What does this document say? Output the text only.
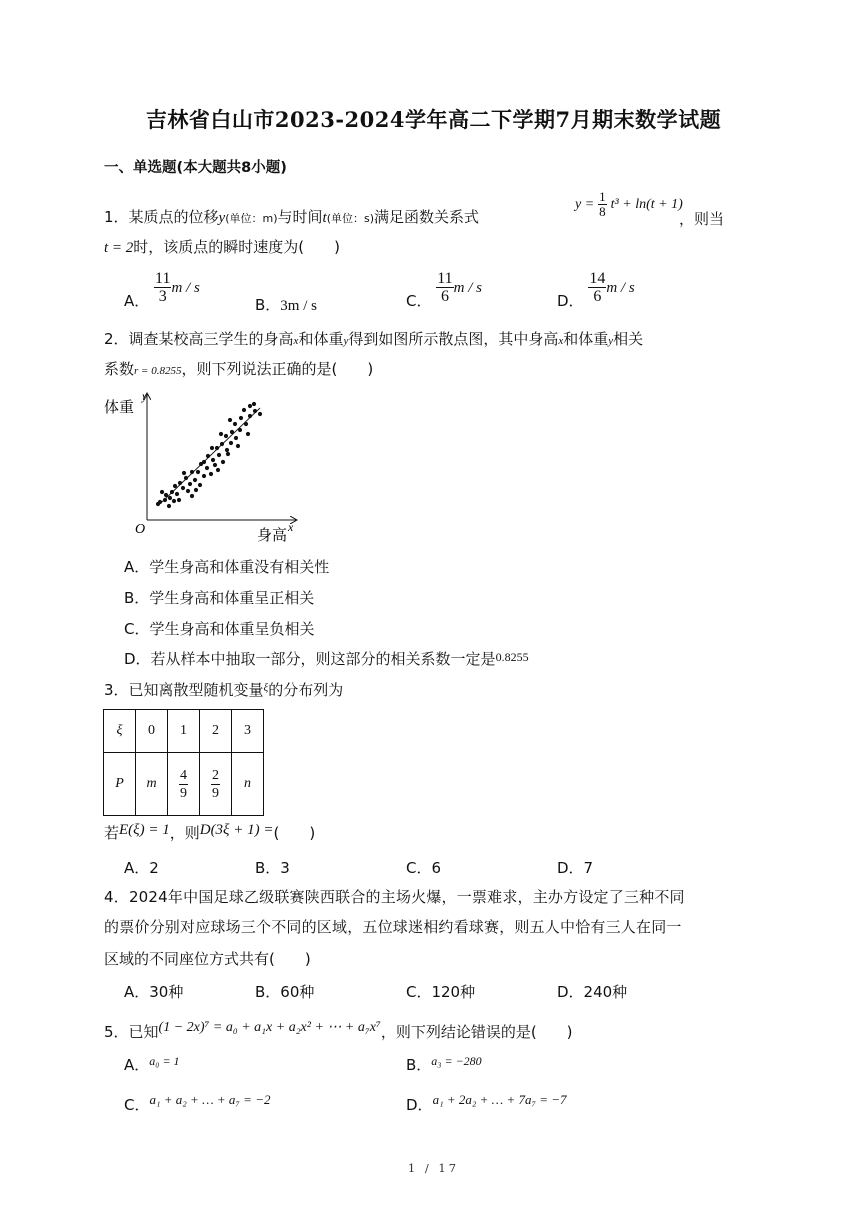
吉林省白山市2023-2024学年高二下学期7月期末数学试题
一、单选题(本大题共8小题)
1．某质点的位移y(单位：m)与时间t(单位：s)满足函数关系式
$y = \frac{1}{8} t^3 + \ln(t + 1)$
，则当
t = 2时，该质点的瞬时速度为(　　)
A． $\frac{11}{3}$ m / s
B．3m / s	C． $\frac{11}{6}$ m / s
D． $\frac{14}{6}$ m / s
2．调查某校高三学生的身高x和体重y得到如图所示散点图，其中身高x和体重y相关
系数r = 0.8255，则下列说法正确的是(　　)
体重
y
O	身高 x
A．学生身高和体重没有相关性
B．学生身高和体重呈正相关
C．学生身高和体重呈负相关
D．若从样本中抽取一部分，则这部分的相关系数一定是$^{0.8255}$
3．已知离散型随机变量$^\xi$的分布列为
ξ	0	1	2	3
P	m	$\frac{4}{9}$	$\frac{2}{9}$	n
若E(ξ) = 1，则D(3ξ + 1) =(　　)
A．2	B．3	C．6	D．7
4．2024年中国足球乙级联赛陕西联合的主场火爆，一票难求，主办方设定了三种不同
的票价分别对应球场三个不同的区域，五位球迷相约看球赛，则五人中恰有三人在同一
区域的不同座位方式共有(　　)
A．30种	B．60种	C．120种	D．240种
5．已知(1 − 2x)⁷ = a₀ + a₁x + a₂x² + ⋯ + a₇x⁷，则下列结论错误的是(　　)
A．$^{a_0 = 1}$	B．$^{a_3 = -280}$
C．a₁ + a₂ + … + a₇ = −2	D．a₁ + 2a₂ + … + 7a₇ = −7
1 / 17
